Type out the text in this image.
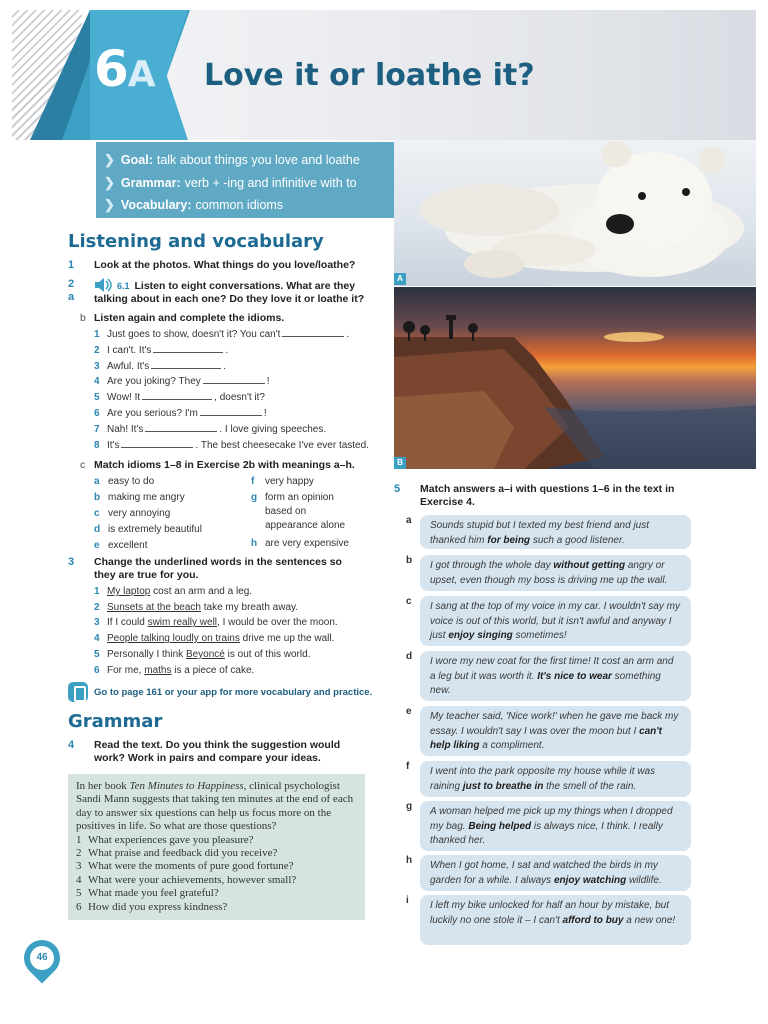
6A Love it or loathe it?
❯ Goal: talk about things you love and loathe
❯ Grammar: verb + -ing and infinitive with to
❯ Vocabulary: common idioms
A
B
Listening and vocabulary
1 Look at the photos. What things do you love/loathe?
2 a
6.1 Listen to eight conversations. What are they talking about in each one? Do they love it or loathe it?
b Listen again and complete the idioms.
1 Just goes to show, doesn't it? You can't	.
2 I can't. It's	.
3 Awful. It's	.
4 Are you joking? They	!
5 Wow! It	, doesn't it?
6 Are you serious? I'm	!
7 Nah! It's	. I love giving speeches.
8 It's	. The best cheesecake I've ever tasted.
c Match idioms 1–8 in Exercise 2b with meanings a–h.
a easy to do
b making me angry
c very annoying
d is extremely beautiful
e excellent
f very happy
g form an opinion based on appearance alone
h are very expensive
3 Change the underlined words in the sentences so they are true for you.
1 My laptop cost an arm and a leg.
2 Sunsets at the beach take my breath away.
3 If I could swim really well, I would be over the moon.
4 People talking loudly on trains drive me up the wall.
5 Personally I think Beyoncé is out of this world.
6 For me, maths is a piece of cake.
Go to page 161 or your app for more vocabulary and practice.
Grammar
4 Read the text. Do you think the suggestion would work? Work in pairs and compare your ideas.
In her book Ten Minutes to Happiness, clinical psychologist Sandi Mann suggests that taking ten minutes at the end of each day to answer six questions can help us focus more on the positives in life. So what are those questions?
1 What experiences gave you pleasure?
2 What praise and feedback did you receive?
3 What were the moments of pure good fortune?
4 What were your achievements, however small?
5 What made you feel grateful?
6 How did you express kindness?
46
5 Match answers a–i with questions 1–6 in the text in Exercise 4.
a	Sounds stupid but I texted my best friend and just thanked him for being such a good listener.
b	I got through the whole day without getting angry or upset, even though my boss is driving me up the wall.
c	I sang at the top of my voice in my car. I wouldn't say my voice is out of this world, but it isn't awful and anyway I just enjoy singing sometimes!
d	I wore my new coat for the first time! It cost an arm and a leg but it was worth it. It's nice to wear something new.
e	My teacher said, 'Nice work!' when he gave me back my essay. I wouldn't say I was over the moon but I can't help liking a compliment.
f	I went into the park opposite my house while it was raining just to breathe in the smell of the rain.
g	A woman helped me pick up my things when I dropped my bag. Being helped is always nice, I think. I really thanked her.
h	When I got home, I sat and watched the birds in my garden for a while. I always enjoy watching wildlife.
i	I left my bike unlocked for half an hour by mistake, but luckily no one stole it – I can't afford to buy a new one!
